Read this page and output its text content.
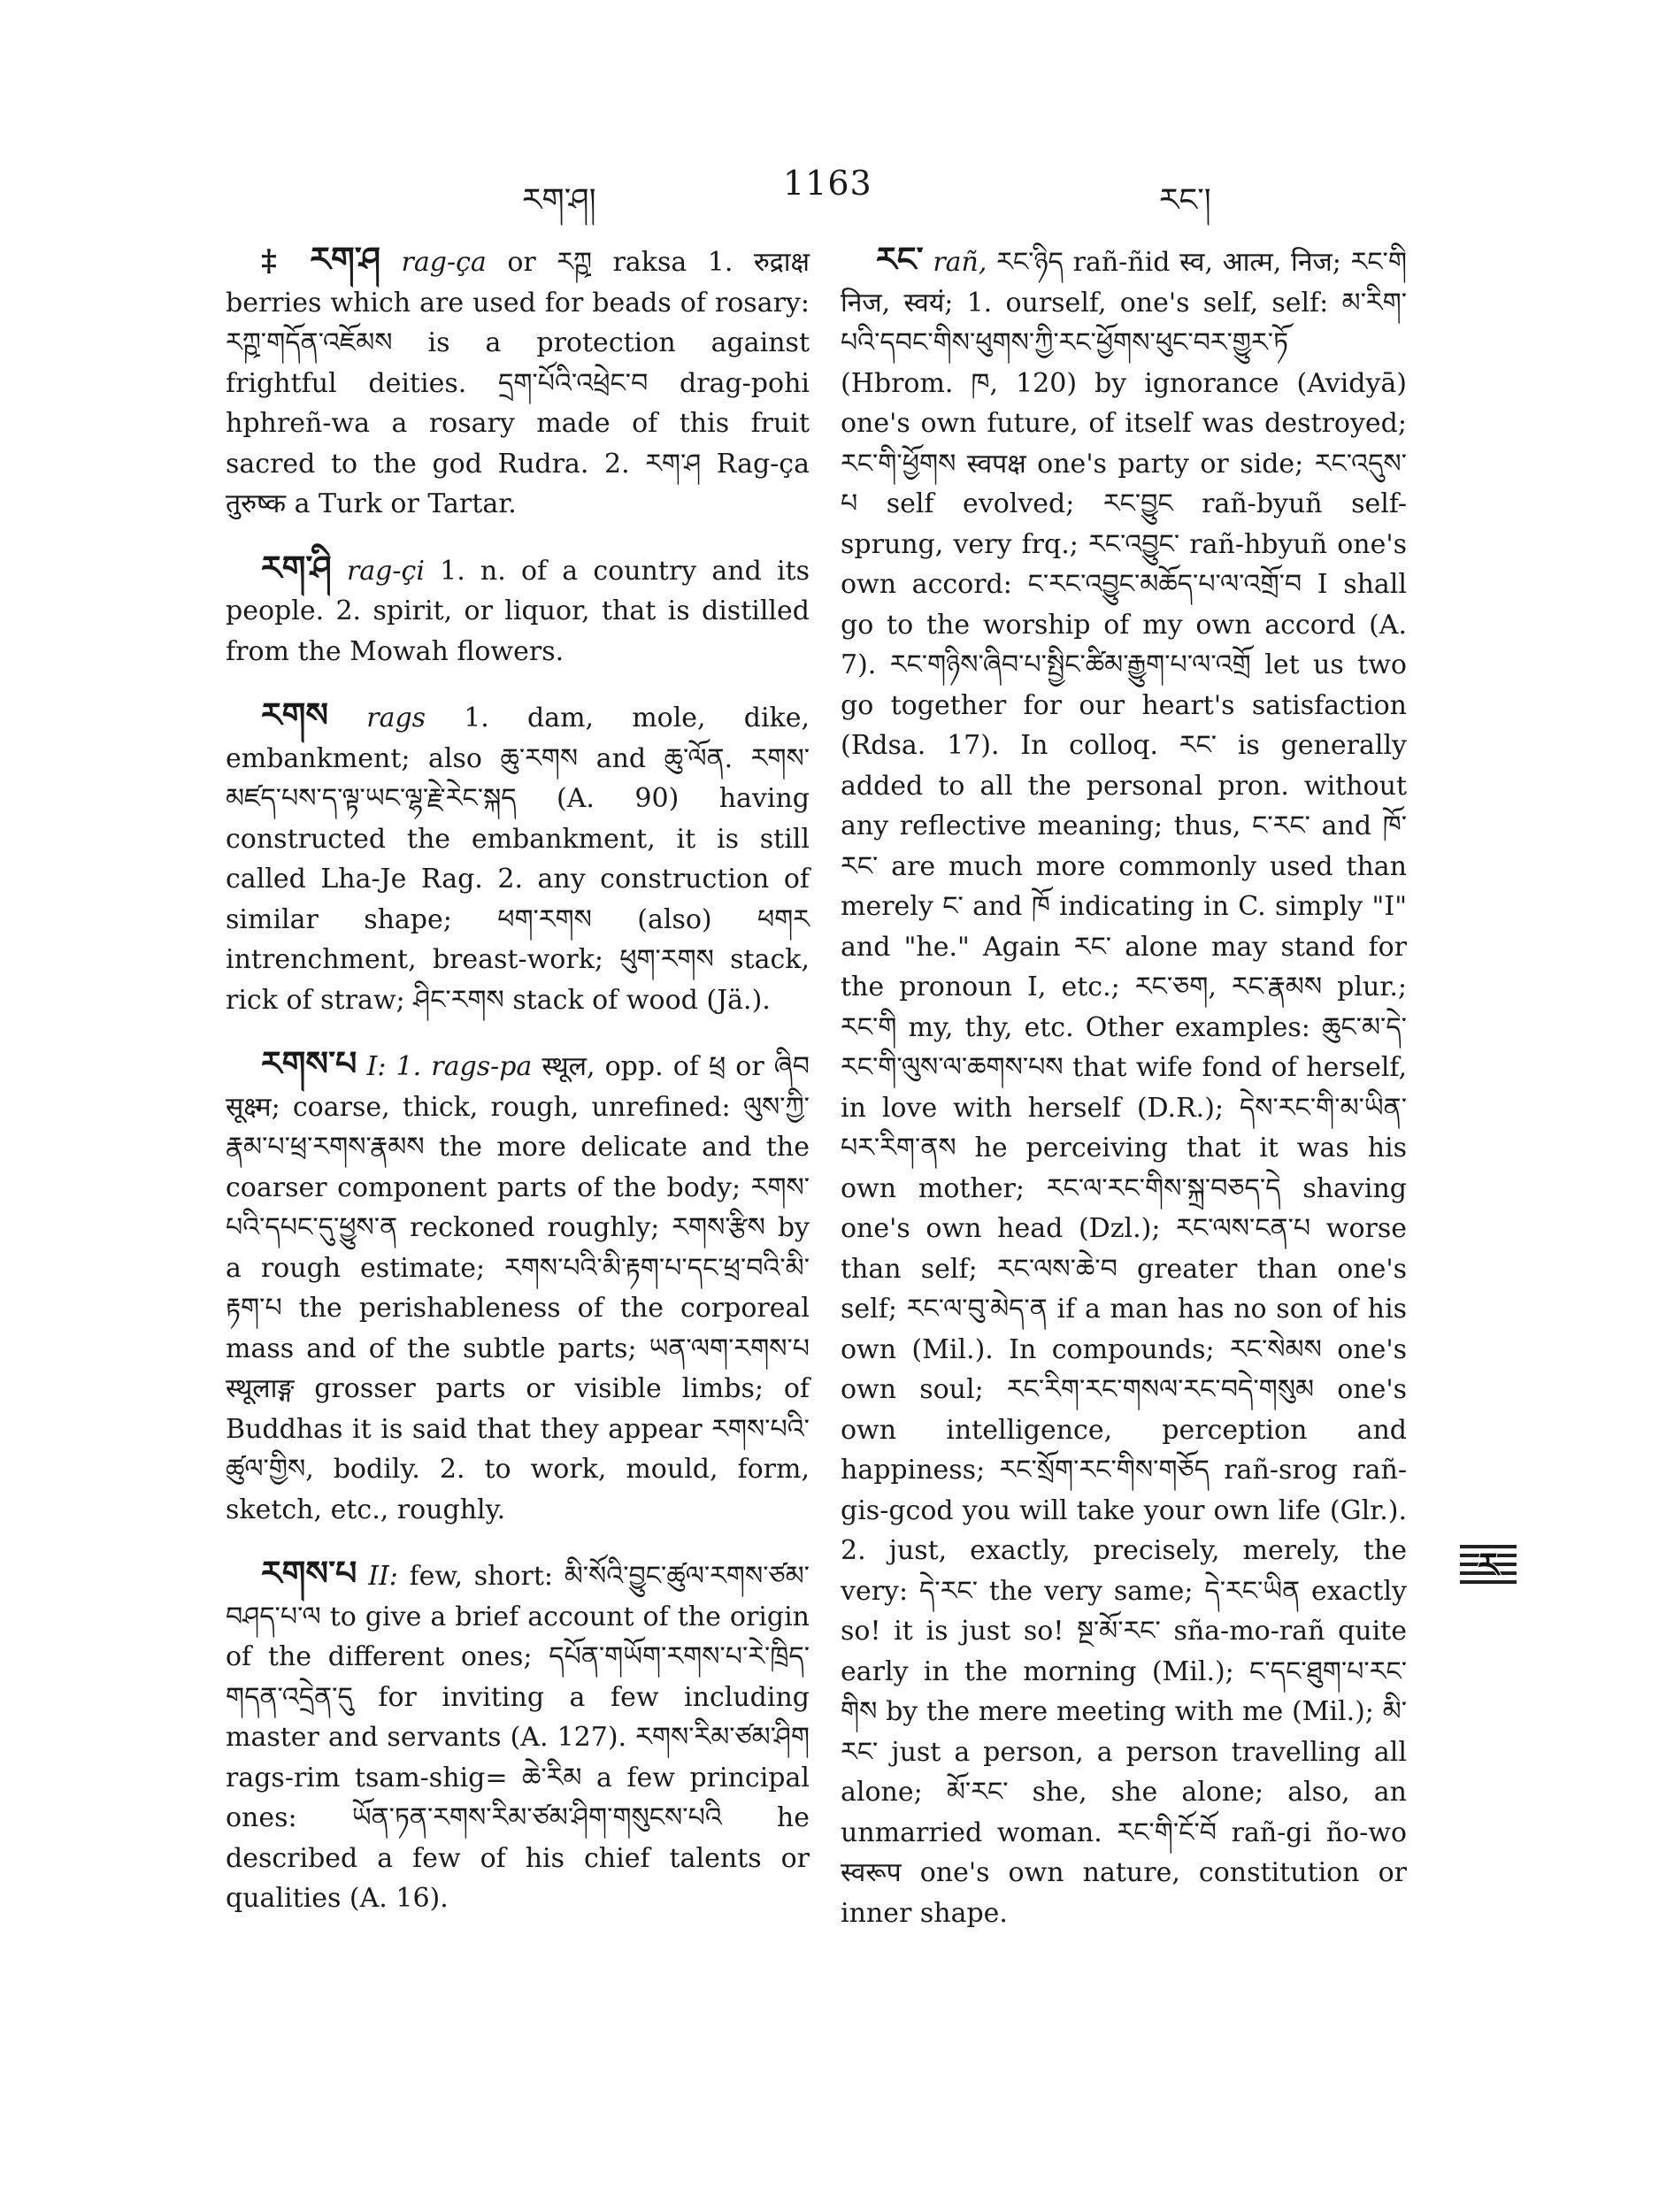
རག་ཤ།	1163	རང་།

‡ རག་ཤ rag-ça or རཀྵ raksa 1. रुद्राक्ष berries which are used for beads of rosary: རཀྵ་གདོན་འཇོམས is a protection against frightful deities. དྲག་པོའི་འཕྲེང་བ drag-pohi hphreñ-wa a rosary made of this fruit sacred to the god Rudra. 2. རག་ཤ Rag-ça तुरुष्क a Turk or Tartar.

རག་ཤི rag-çi 1. n. of a country and its people. 2. spirit, or liquor, that is distilled from the Mowah flowers.

རགས rags 1. dam, mole, dike, embankment; also ཆུ་རགས and ཆུ་ལོན. རགས་མཛད་པས་ད་ལྟ་ཡང་ལྷ་རྗེ་རེང་སྐད (A. 90) having constructed the embankment, it is still called Lha-Je Rag. 2. any construction of similar shape; ཕག་རགས (also) ཕགར intrenchment, breast-work; ཕུག་རགས stack, rick of straw; ཤིང་རགས stack of wood (Jä.).

རགས་པ I: 1. rags-pa स्थूल, opp. of ཕྲ or ཞིབ सूक्ष्म; coarse, thick, rough, unrefined: ལུས་ཀྱི་རྣམ་པ་ཕྲ་རགས་རྣམས the more delicate and the coarser component parts of the body; རགས་པའི་དཔང་དུ་ཕྱུས་ན reckoned roughly; རགས་རྩིས by a rough estimate; རགས་པའི་མི་རྟག་པ་དང་ཕྲ་བའི་མི་རྟག་པ the perishableness of the corporeal mass and of the subtle parts; ཡན་ལག་རགས་པ स्थूलाङ्ग grosser parts or visible limbs; of Buddhas it is said that they appear རགས་པའི་ཚུལ་གྱིས, bodily. 2. to work, mould, form, sketch, etc., roughly.

རགས་པ II: few, short: མི་སོའི་བྱུང་ཚུལ་རགས་ཙམ་བཤད་པ་ལ to give a brief account of the origin of the different ones; དཔོན་གཡོག་རགས་པ་རེ་ཁྲིད་གདན་འདྲེན་དུ for inviting a few including master and servants (A. 127). རགས་རིམ་ཙམ་ཤིག rags-rim tsam-shig= ཆེ་རིམ a few principal ones: ཡོན་ཏན་རགས་རིམ་ཙམ་ཤིག་གསུངས་པའི he described a few of his chief talents or qualities (A. 16).

རང་ rañ, རང་ཉིད rañ-ñid स्व, आत्म, निज; རང་གི निज, स्वयं; 1. ourself, one's self, self: མ་རིག་པའི་དབང་གིས་ཕུགས་ཀྱི་རང་ཕྱོགས་ཕུང་བར་གྱུར་ཏོ (Hbrom. ཁ, 120) by ignorance (Avidyā) one's own future, of itself was destroyed; རང་གི་ཕྱོགས स्वपक्ष one's party or side; རང་འདུས་པ self evolved; རང་བྱུང rañ-byuñ self-sprung, very frq.; རང་འབྱུང་ rañ-hbyuñ one's own accord: ང་རང་འབྱུང་མཆོད་པ་ལ་འགྲོ་བ I shall go to the worship of my own accord (A. 7). རང་གཉིས་ཞིབ་པ་སྤྱིང་ཚིམ་རྒྱུག་པ་ལ་འགྲོ let us two go together for our heart's satisfaction (Rdsa. 17). In colloq. རང་ is generally added to all the personal pron. without any reflective meaning; thus, ང་རང་ and ཁོ་རང་ are much more commonly used than merely ང་ and ཁོ indicating in C. simply "I" and "he." Again རང་ alone may stand for the pronoun I, etc.; རང་ཅག, རང་རྣམས plur.; རང་གི my, thy, etc. Other examples: ཆུང་མ་དེ་རང་གི་ལུས་ལ་ཆགས་པས that wife fond of herself, in love with herself (D.R.); དེས་རང་གི་མ་ཡིན་པར་རིག་ནས he perceiving that it was his own mother; རང་ལ་རང་གིས་སྐྲ་བཅད་དེ shaving one's own head (Dzl.); རང་ལས་ངན་པ worse than self; རང་ལས་ཆེ་བ greater than one's self; རང་ལ་བུ་མེད་ན if a man has no son of his own (Mil.). In compounds; རང་སེམས one's own soul; རང་རིག་རང་གསལ་རང་བདེ་གསུམ one's own intelligence, perception and happiness; རང་སྲོག་རང་གིས་གཅོད rañ-srog rañ-gis-gcod you will take your own life (Glr.). 2. just, exactly, precisely, merely, the very: དེ་རང་ the very same; དེ་རང་ཡིན exactly so! it is just so! སྔ་མོ་རང་ sña-mo-rañ quite early in the morning (Mil.); ང་དང་ཐུག་པ་རང་གིས by the mere meeting with me (Mil.); མི་རང་ just a person, a person travelling all alone; མོ་རང་ she, she alone; also, an unmarried woman. རང་གི་ངོ་བོ rañ-gi ño-wo स्वरूप one's own nature, constitution or inner shape.

ར
